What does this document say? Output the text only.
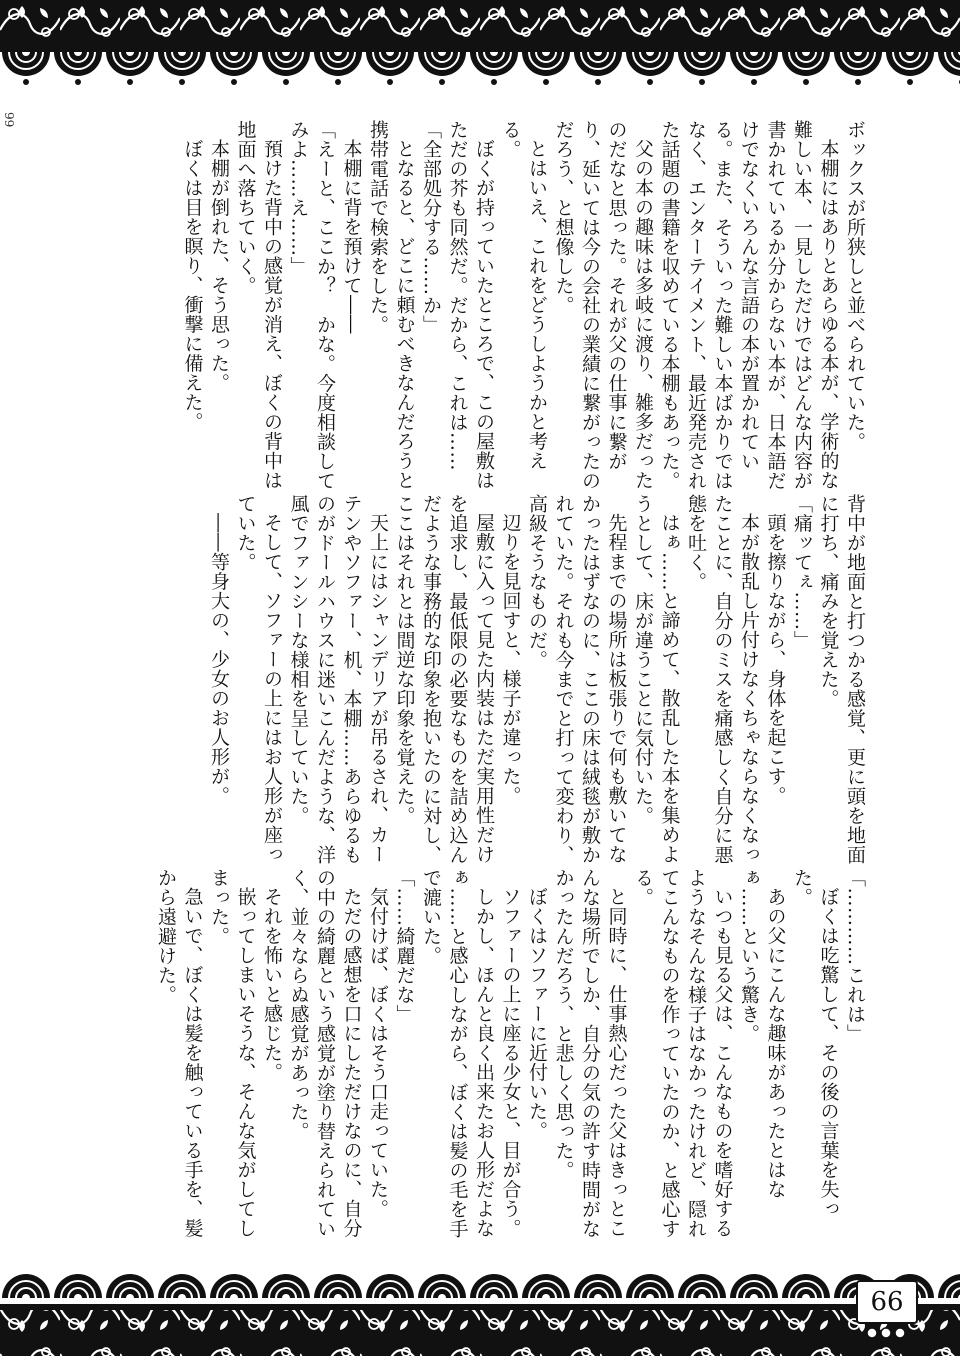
66

ボックスが所狭しと並べられていた。

本棚にはありとあらゆる本が、学術的な難しい本、一見しただけではどんな内容が書かれているか分からない本が、日本語だけでなくいろんな言語の本が置かれている。また、そういった難しい本ばかりではなく、エンターテイメント、最近発売された話題の書籍を収めている本棚もあった。

父の本の趣味は多岐に渡り、雑多だったのだなと思った。それが父の仕事に繋がり、延いては今の会社の業績に繋がったのだろう、と想像した。

とはいえ、これをどうしようかと考える。

ぼくが持っていたところで、この屋敷はただの芥も同然だ。だから、これは……

「全部処分する……か」

となると、どこに頼むべきなんだろうと携帯電話で検索をした。

本棚に背を預けて――

「えーと、ここか？　かな。今度相談してみよ……え……」

預けた背中の感覚が消え、ぼくの背中は地面へ落ちていく。

本棚が倒れた、そう思った。

ぼくは目を瞑り、衝撃に備えた。

背中が地面と打つかる感覚、更に頭を地面に打ち、痛みを覚えた。

「痛ッてぇ……」

頭を擦りながら、身体を起こす。

本が散乱し片付けなくちゃならなくなったことに、自分のミスを痛感しく自分に悪態を吐く。

はぁ……と諦めて、散乱した本を集めようとして、床が違うことに気付いた。

先程までの場所は板張りで何も敷いてなかったはずなのに、ここの床は絨毯が敷かれていた。それも今までと打って変わり、高級そうなものだ。

辺りを見回すと、様子が違った。

屋敷に入って見た内装はただ実用性だけを追求し、最低限の必要なものを詰め込んだような事務的な印象を抱いたのに対し、ここはそれとは間逆な印象を覚えた。

天上にはシャンデリアが吊るされ、カーテンやソファー、机、本棚……あらゆるものがドールハウスに迷いこんだような、洋風でファンシーな様相を呈していた。

そして、ソファーの上にはお人形が座っていた。

――等身大の、少女のお人形が。

「…………これは」

ぼくは吃驚して、その後の言葉を失った。

あの父にこんな趣味があったとはなぁ……という驚き。

いつも見る父は、こんなものを嗜好するようなそんな様子はなかったけれど、隠れてこんなものを作っていたのか、と感心する。

と同時に、仕事熱心だった父はきっとこんな場所でしか、自分の気の許す時間がなかったんだろう、と悲しく思った。

ぼくはソファーに近付いた。

ソファーの上に座る少女と、目が合う。

しかし、ほんと良く出来たお人形だよなぁ……と感心しながら、ぼくは髪の毛を手で漉いた。

「……綺麗だな」

気付けば、ぼくはそう口走っていた。

ただの感想を口にしただけなのに、自分の中の綺麗という感覚が塗り替えられていく、並々ならぬ感覚があった。

それを怖いと感じた。

嵌ってしまいそうな、そんな気がしてしまった。

急いで、ぼくは髪を触っている手を、髪から遠避けた。

66
